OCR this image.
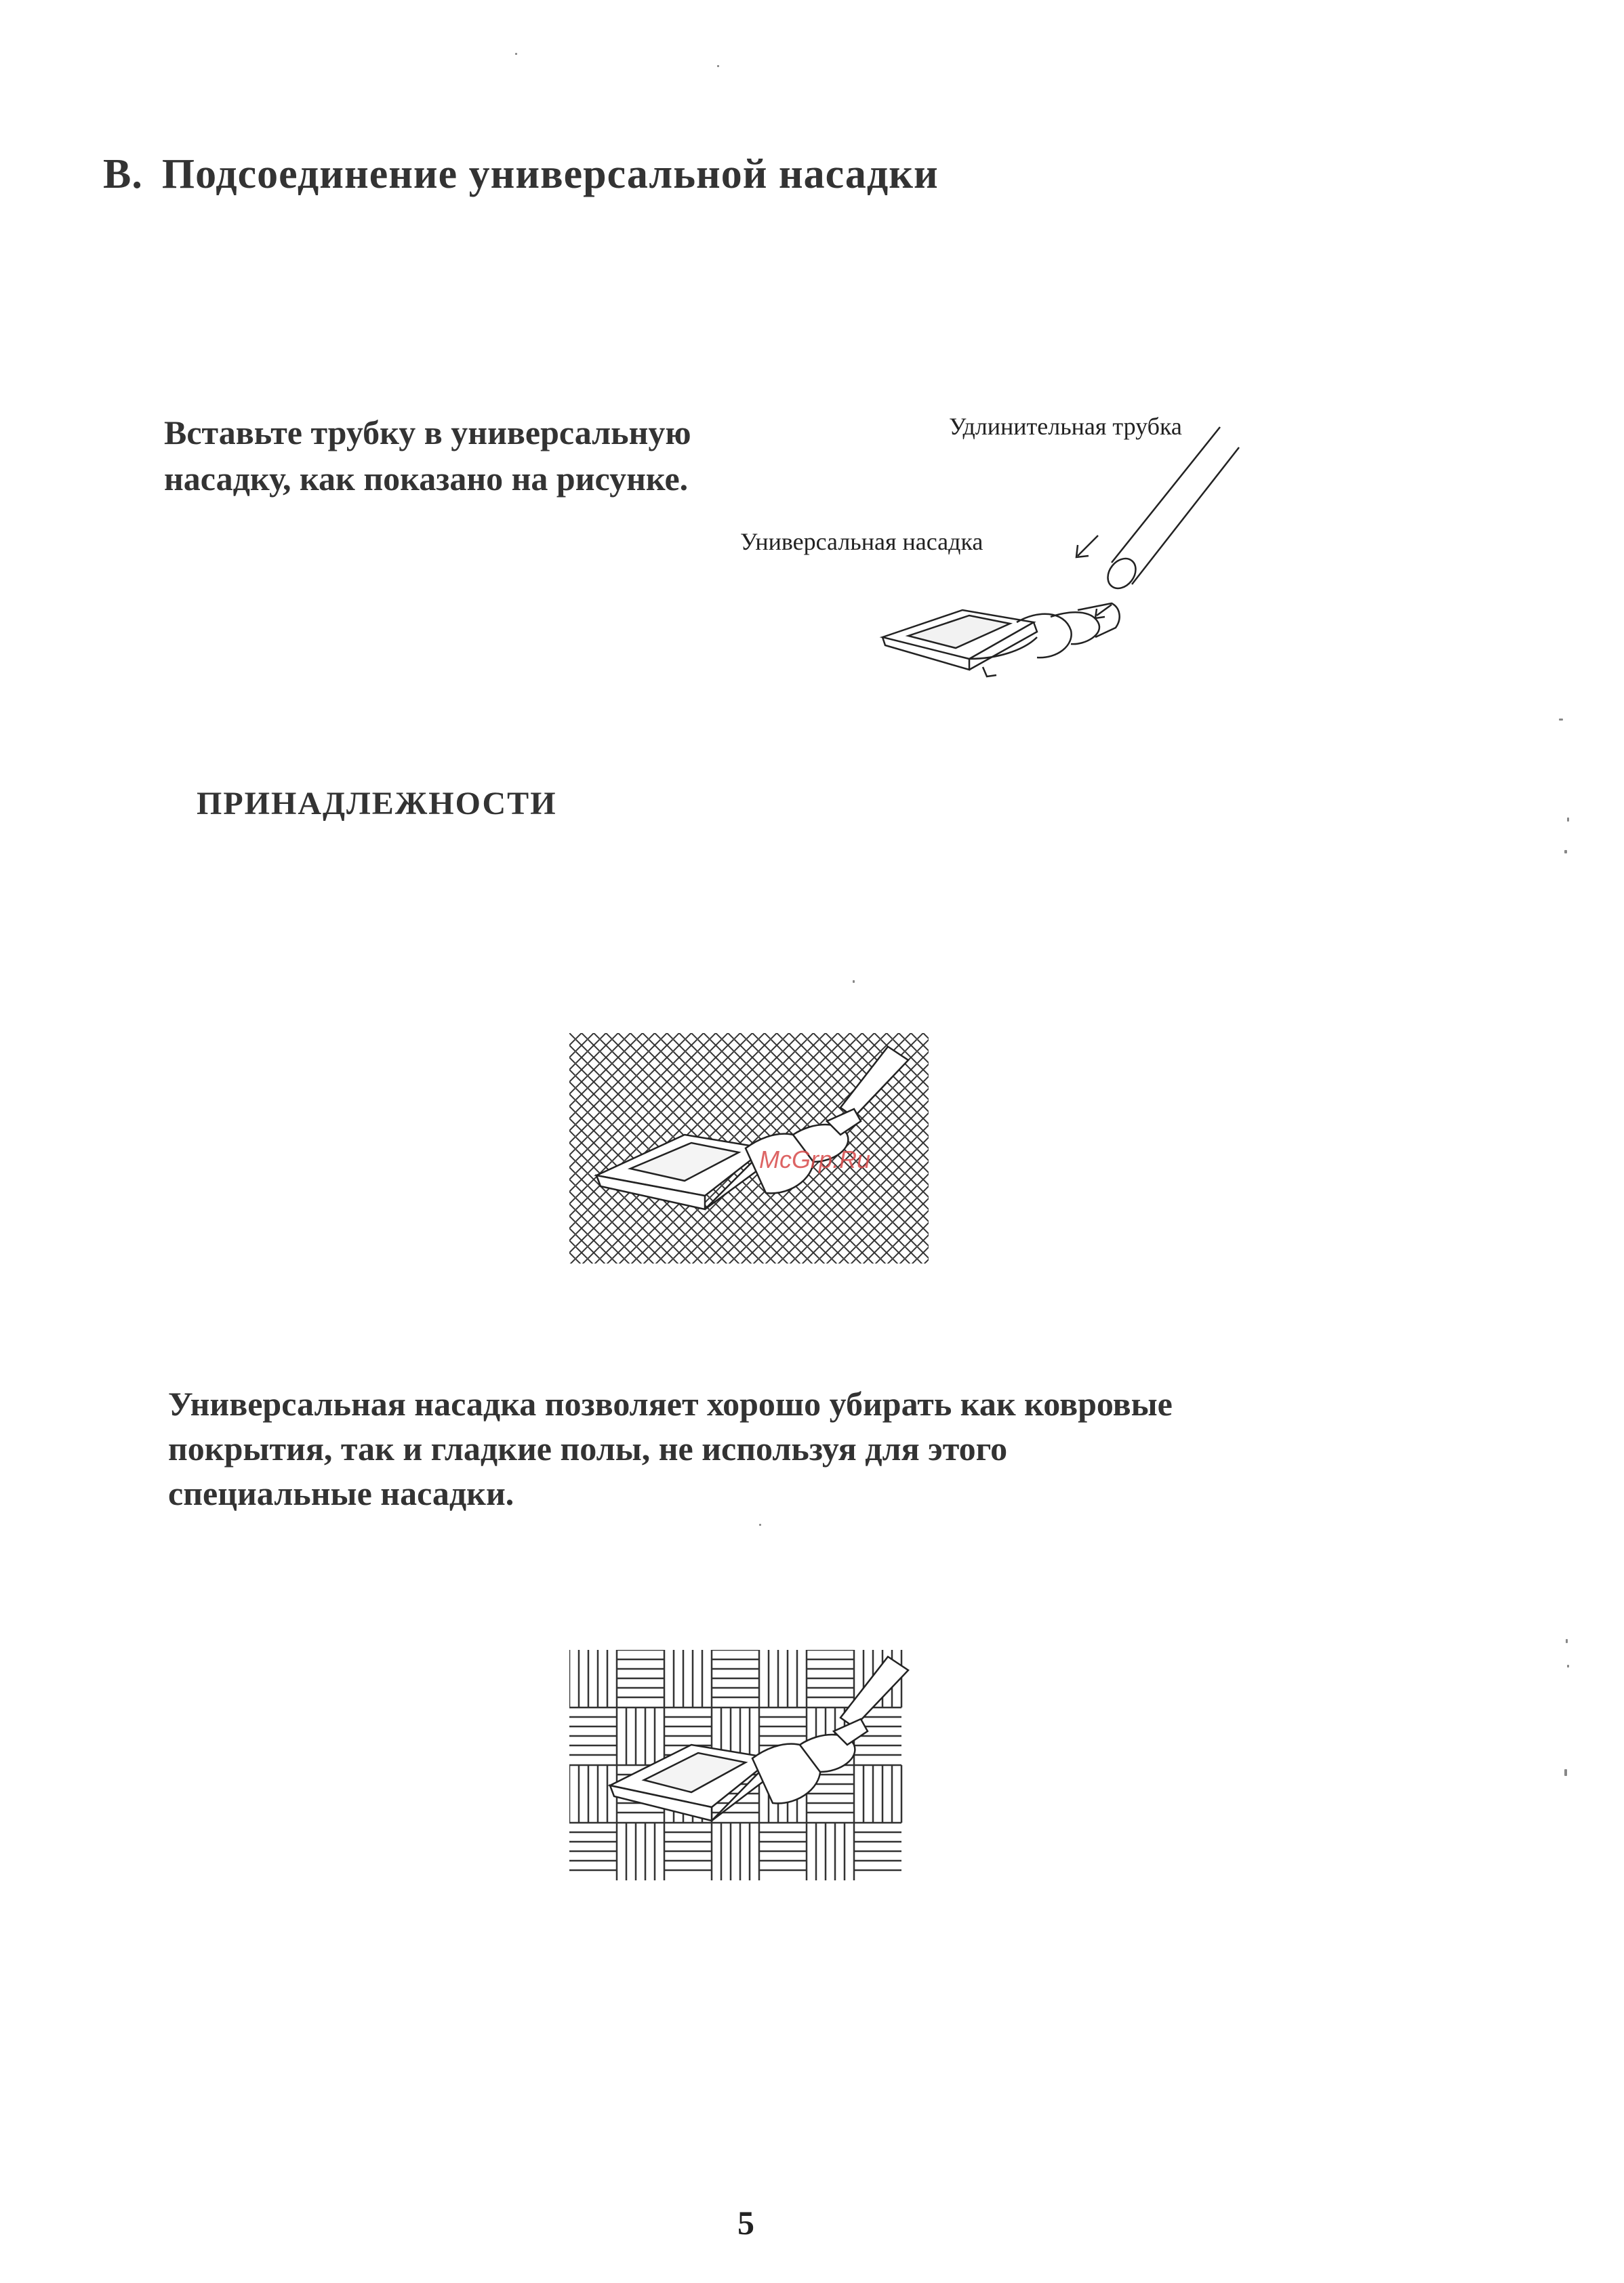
B. Подсоединение универсальной насадки
Вставьте трубку в универсальную
насадку, как показано на рисунке.
Удлинительная трубка
Универсальная насадка
ПРИНАДЛЕЖНОСТИ
McGrp.Ru
Универсальная насадка позволяет хорошо убирать как ковровые
покрытия, так и гладкие полы, не используя для этого
специальные насадки.
5
